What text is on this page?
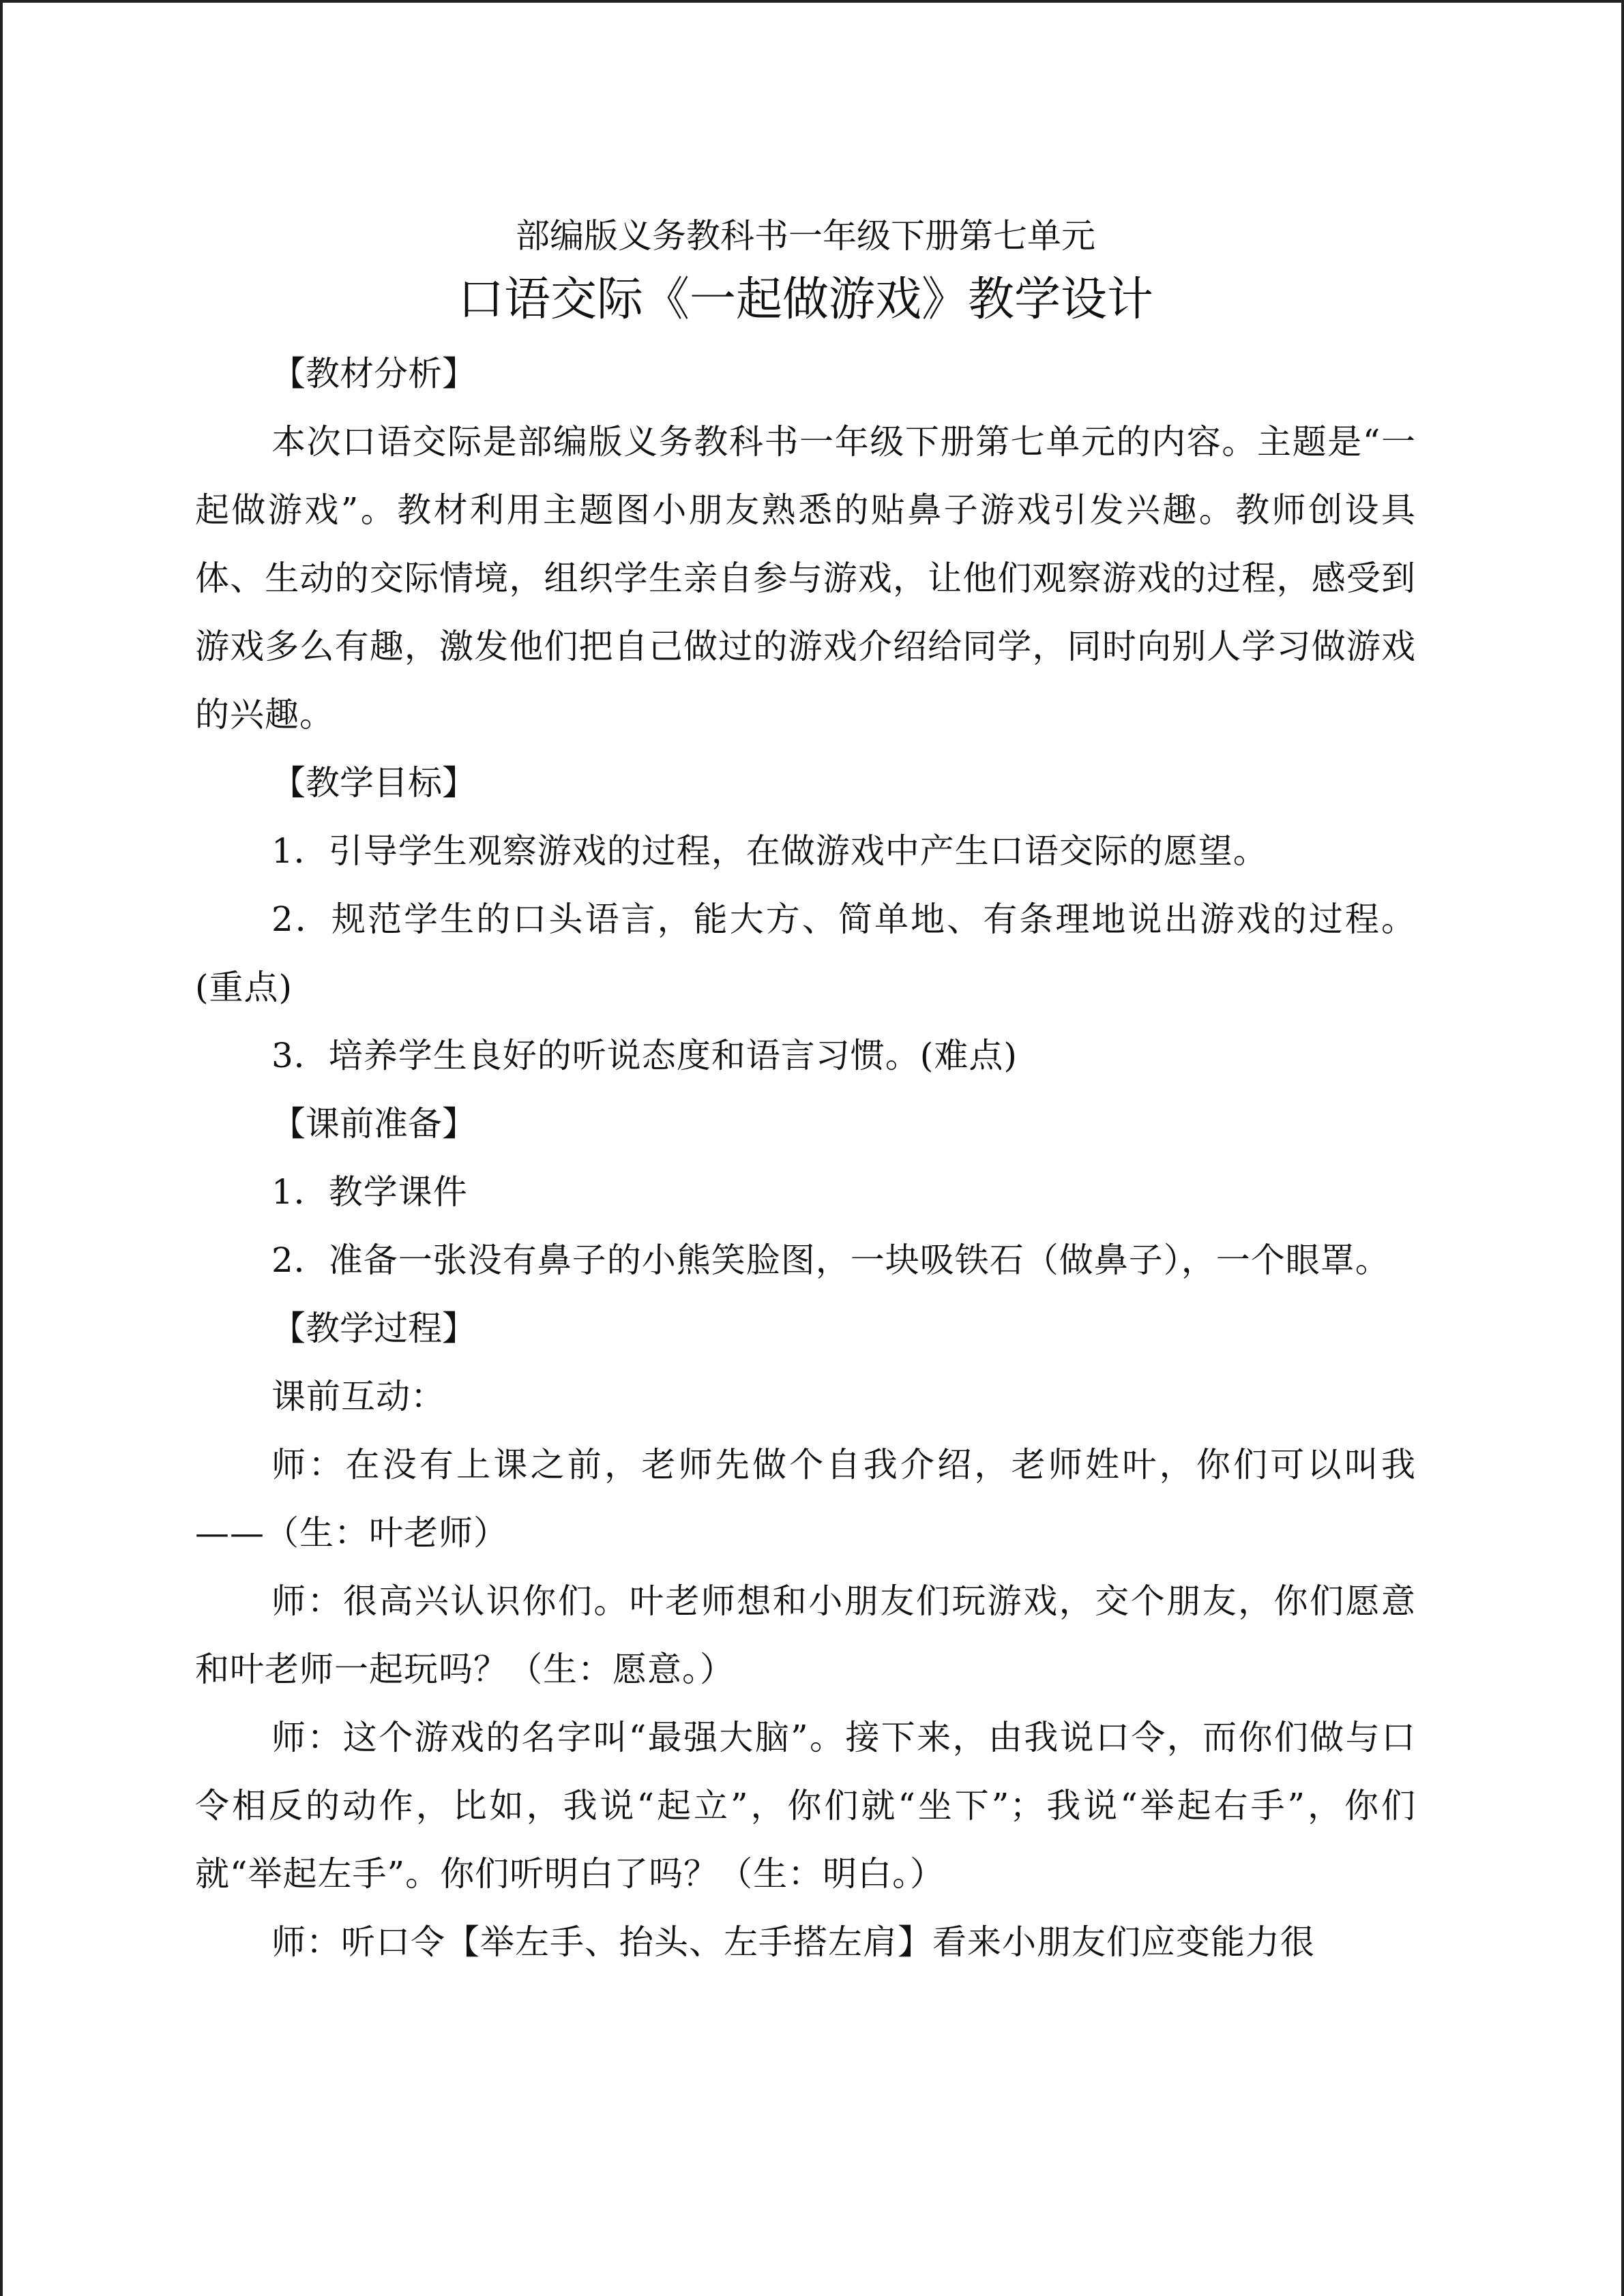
部编版义务教科书一年级下册第七单元

口语交际《一起做游戏》教学设计

【教材分析】

本次口语交际是部编版义务教科书一年级下册第七单元的内容。主题是“一起做游戏”。教材利用主题图小朋友熟悉的贴鼻子游戏引发兴趣。教师创设具体、生动的交际情境，组织学生亲自参与游戏，让他们观察游戏的过程，感受到游戏多么有趣，激发他们把自己做过的游戏介绍给同学，同时向别人学习做游戏的兴趣。

【教学目标】

1．引导学生观察游戏的过程，在做游戏中产生口语交际的愿望。

2．规范学生的口头语言，能大方、简单地、有条理地说出游戏的过程。(重点)

3．培养学生良好的听说态度和语言习惯。(难点)

【课前准备】

1．教学课件

2．准备一张没有鼻子的小熊笑脸图，一块吸铁石（做鼻子），一个眼罩。

【教学过程】

课前互动：

师：在没有上课之前，老师先做个自我介绍，老师姓叶，你们可以叫我——（生：叶老师）

师：很高兴认识你们。叶老师想和小朋友们玩游戏，交个朋友，你们愿意和叶老师一起玩吗？（生：愿意。）

师：这个游戏的名字叫“最强大脑”。接下来，由我说口令，而你们做与口令相反的动作，比如，我说“起立”，你们就“坐下”；我说“举起右手”，你们就“举起左手”。你们听明白了吗？（生：明白。）

师：听口令【举左手、抬头、左手搭左肩】看来小朋友们应变能力很
